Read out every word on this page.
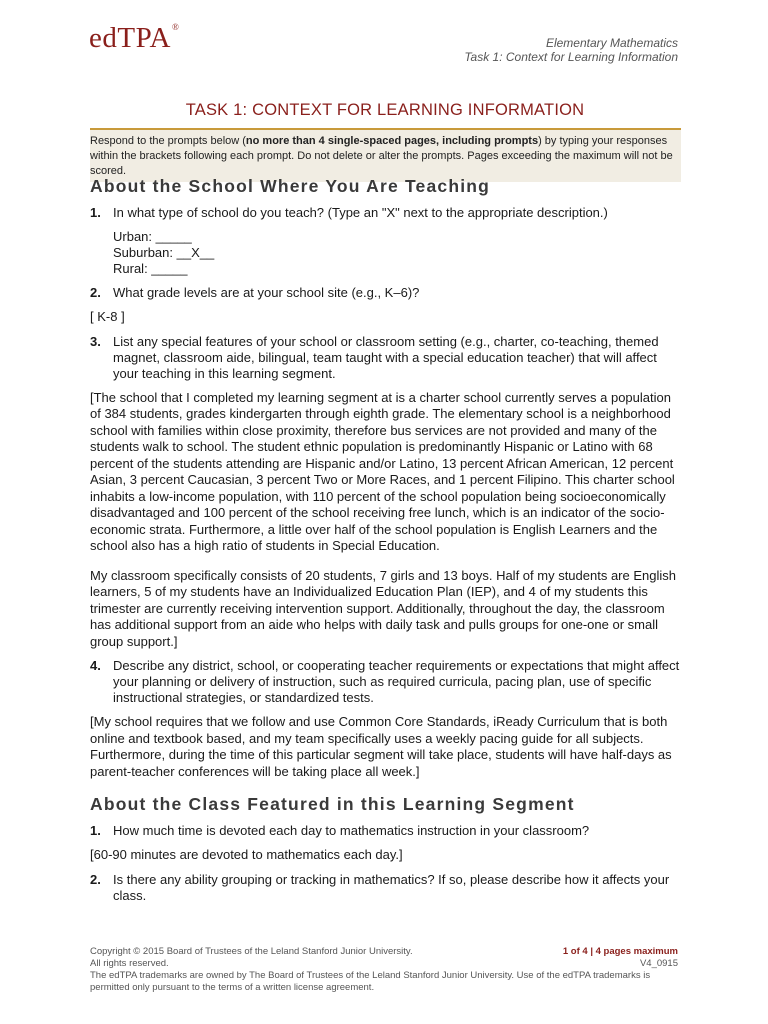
edTPA®
Elementary Mathematics
Task 1: Context for Learning Information
TASK 1: CONTEXT FOR LEARNING INFORMATION
Respond to the prompts below (no more than 4 single-spaced pages, including prompts) by typing your responses within the brackets following each prompt. Do not delete or alter the prompts. Pages exceeding the maximum will not be scored.
About the School Where You Are Teaching
1. In what type of school do you teach? (Type an "X" next to the appropriate description.)
Urban: _____
Suburban: __X__
Rural: _____
2. What grade levels are at your school site (e.g., K–6)?
[ K-8 ]
3. List any special features of your school or classroom setting (e.g., charter, co-teaching, themed magnet, classroom aide, bilingual, team taught with a special education teacher) that will affect your teaching in this learning segment.
[The school that I completed my learning segment at is a charter school currently serves a population of 384 students, grades kindergarten through eighth grade. The elementary school is a neighborhood school with families within close proximity, therefore bus services are not provided and many of the students walk to school. The student ethnic population is predominantly Hispanic or Latino with 68 percent of the students attending are Hispanic and/or Latino, 13 percent African American, 12 percent Asian, 3 percent Caucasian, 3 percent Two or More Races, and 1 percent Filipino. This charter school inhabits a low-income population, with 110 percent of the school population being socioeconomically disadvantaged and 100 percent of the school receiving free lunch, which is an indicator of the socio-economic strata. Furthermore, a little over half of the school population is English Learners and the school also has a high ratio of students in Special Education.
My classroom specifically consists of 20 students, 7 girls and 13 boys. Half of my students are English learners, 5 of my students have an Individualized Education Plan (IEP), and 4 of my students this trimester are currently receiving intervention support. Additionally, throughout the day, the classroom has additional support from an aide who helps with daily task and pulls groups for one-one or small group support.]
4. Describe any district, school, or cooperating teacher requirements or expectations that might affect your planning or delivery of instruction, such as required curricula, pacing plan, use of specific instructional strategies, or standardized tests.
[My school requires that we follow and use Common Core Standards, iReady Curriculum that is both online and textbook based, and my team specifically uses a weekly pacing guide for all subjects. Furthermore, during the time of this particular segment will take place, students will have half-days as parent-teacher conferences will be taking place all week.]
About the Class Featured in this Learning Segment
1. How much time is devoted each day to mathematics instruction in your classroom?
[60-90 minutes are devoted to mathematics each day.]
2. Is there any ability grouping or tracking in mathematics? If so, please describe how it affects your class.
Copyright © 2015 Board of Trustees of the Leland Stanford Junior University.	1 of 4 | 4 pages maximum
All rights reserved.	V4_0915
The edTPA trademarks are owned by The Board of Trustees of the Leland Stanford Junior University. Use of the edTPA trademarks is permitted only pursuant to the terms of a written license agreement.
